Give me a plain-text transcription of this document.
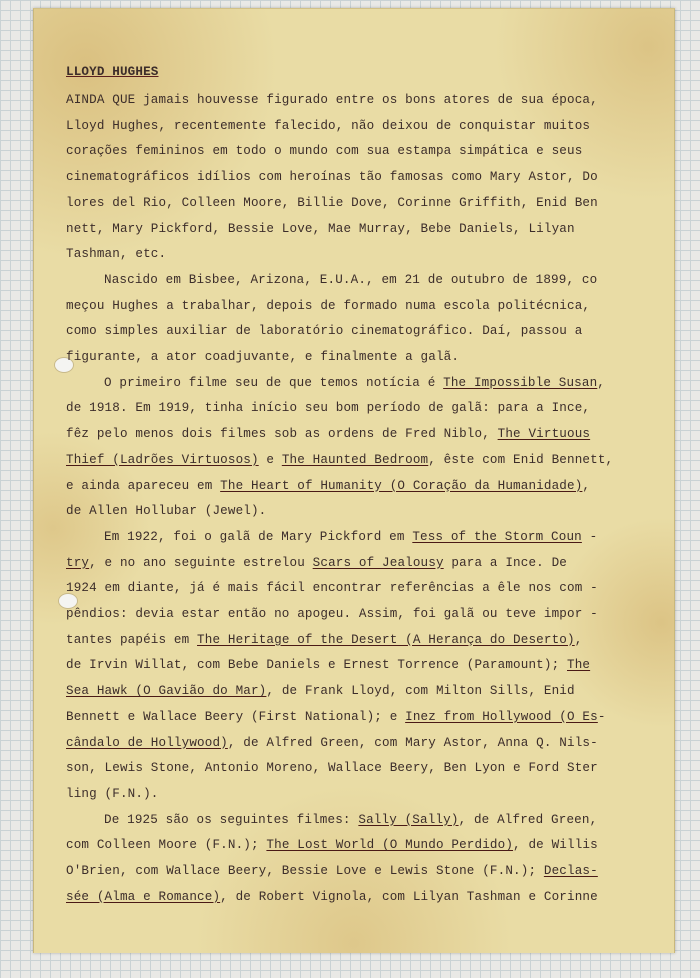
LLOYD HUGHES
AINDA QUE jamais houvesse figurado entre os bons atores de sua época,
Lloyd Hughes, recentemente falecido, não deixou de conquistar muitos
corações femininos em todo o mundo com sua estampa simpática e seus
cinematográficos idílios com heroínas tão famosas como Mary Astor, Do
lores del Rio, Colleen Moore, Billie Dove, Corinne Griffith, Enid Ben
nett, Mary Pickford, Bessie Love, Mae Murray, Bebe Daniels, Lilyan
Tashman, etc.
Nascido em Bisbee, Arizona, E.U.A., em 21 de outubro de 1899, co
meçou Hughes a trabalhar, depois de formado numa escola politécnica,
como simples auxiliar de laboratório cinematográfico. Daí, passou a
figurante, a ator coadjuvante, e finalmente a galã.
O primeiro filme seu de que temos notícia é The Impossible Susan,
de 1918. Em 1919, tinha início seu bom período de galã: para a Ince,
fêz pelo menos dois filmes sob as ordens de Fred Niblo, The Virtuous
Thief (Ladrões Virtuosos) e The Haunted Bedroom, êste com Enid Bennett,
e ainda apareceu em The Heart of Humanity (O Coração da Humanidade),
de Allen Hollubar (Jewel).
Em 1922, foi o galã de Mary Pickford em Tess of the Storm Coun -
try, e no ano seguinte estrelou Scars of Jealousy para a Ince. De
1924 em diante, já é mais fácil encontrar referências a êle nos com -
pêndios: devia estar então no apogeu. Assim, foi galã ou teve impor -
tantes papéis em The Heritage of the Desert (A Herança do Deserto),
de Irvin Willat, com Bebe Daniels e Ernest Torrence (Paramount); The
Sea Hawk (O Gavião do Mar), de Frank Lloyd, com Milton Sills, Enid
Bennett e Wallace Beery (First National); e Inez from Hollywood (O Es-
cândalo de Hollywood), de Alfred Green, com Mary Astor, Anna Q. Nils-
son, Lewis Stone, Antonio Moreno, Wallace Beery, Ben Lyon e Ford Ster
ling (F.N.).
De 1925 são os seguintes filmes: Sally (Sally), de Alfred Green,
com Colleen Moore (F.N.); The Lost World (O Mundo Perdido), de Willis
O'Brien, com Wallace Beery, Bessie Love e Lewis Stone (F.N.); Declas-
sée (Alma e Romance), de Robert Vignola, com Lilyan Tashman e Corinne
